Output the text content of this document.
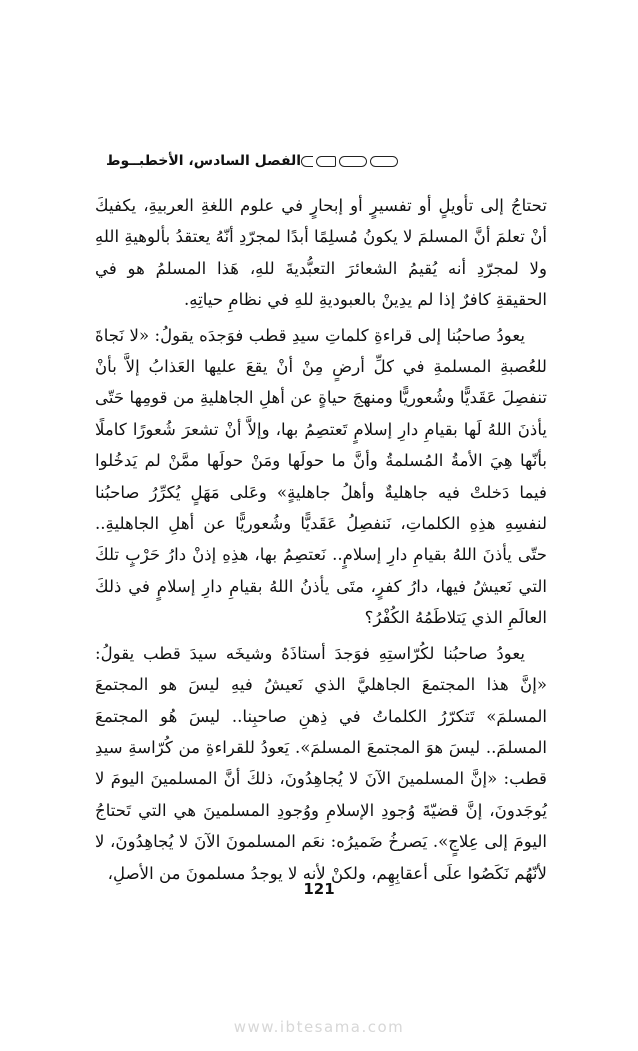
الفصل السادس، الأخطبــوط

تحتاجُ إلى تأويلٍ أو تفسيرٍ أو إبحارٍ في علوم اللغةِ العربيةِ، يكفيكَ أنْ تعلمَ أنَّ المسلمَ لا يكونُ مُسلِمًا أبدًا لمجرّدِ أنّهُ يعتقدُ بألوهيةِ اللهِ ولا لمجرّدِ أنه يُقيمُ الشعائرَ التعبُّديةَ للهِ، هَذا المسلمُ هو في الحقيقةِ كافرٌ إذا لم يدِينْ بالعبوديةِ للهِ في نظامِ حياتِهِ.

يعودُ صاحبُنا إلى قراءةِ كلماتِ سيدِ قطب فوَجدَه يقولُ: «لا نَجاةَ للعُصبةِ المسلمةِ في كلِّ أرضٍ مِنْ أنْ يقعَ عليها العَذابُ إلاَّ بأنْ تنفصِلَ عَقَديًّا وشُعوريًّا ومنهجَ حياةٍ عن أهلِ الجاهليةِ من قومِها حَتّى يأذنَ اللهُ لَها بقيامِ دارِ إسلامٍ تَعتصِمُ بها، وإلاَّ أنْ تشعرَ شُعورًا كاملًا بأنّها هِيَ الأمةُ المُسلمةُ وأنَّ ما حولَها ومَنْ حولَها ممَّنْ لم يَدخُلوا فيما دَخلتْ فيه جاهليةٌ وأهلُ جاهليةٍ» وعَلى مَهَلٍ يُكرِّرُ صاحبُنا لنفسِهِ هذِهِ الكلماتِ، نَنفصِلُ عَقَديًّا وشُعوريًّا عن أهلِ الجاهليةِ.. حتّى يأذنَ اللهُ بقيامِ دارِ إسلامٍ.. نَعتصِمُ بها، هذِهِ إذنْ دارُ حَرْبٍ تلكَ التي نَعيشُ فيها، دارُ كفرٍ، متَى يأذنُ اللهُ بقيامِ دارِ إسلامٍ في ذلكَ العالَمِ الذي يَتلاطَمُهُ الكُفْرُ؟

يعودُ صاحبُنا لكُرّاستِهِ فوَجدَ أستاذَهُ وشيخَه سيدَ قطب يقولُ: «إنَّ هذا المجتمعَ الجاهليَّ الذي نَعيشُ فيهِ ليسَ هو المجتمعَ المسلمَ» تَتكرّرُ الكلماتُ في ذِهنِ صاحبِنا.. ليسَ هُو المجتمعَ المسلمَ.. ليسَ هوَ المجتمعَ المسلمَ». يَعودُ للقراءةِ من كُرّاسةِ سيدِ قطب: «إنَّ المسلمينَ الآنَ لا يُجاهِدُونَ، ذلكَ أنَّ المسلمينَ اليومَ لا يُوجَدونَ، إنَّ قضيّةَ وُجودِ الإسلامِ ووُجودِ المسلمينَ هي التي تَحتاجُ اليومَ إلى عِلاجٍ». يَصرخُ ضَميرُه: نعَم المسلمونَ الآنَ لا يُجاهِدُونَ، لا لأنّهُم نَكَصُوا علَى أعقابِهِم، ولكنْ لأنه لا يوجدُ مسلمونَ من الأصلِ،

121
www.ibtesama.com
